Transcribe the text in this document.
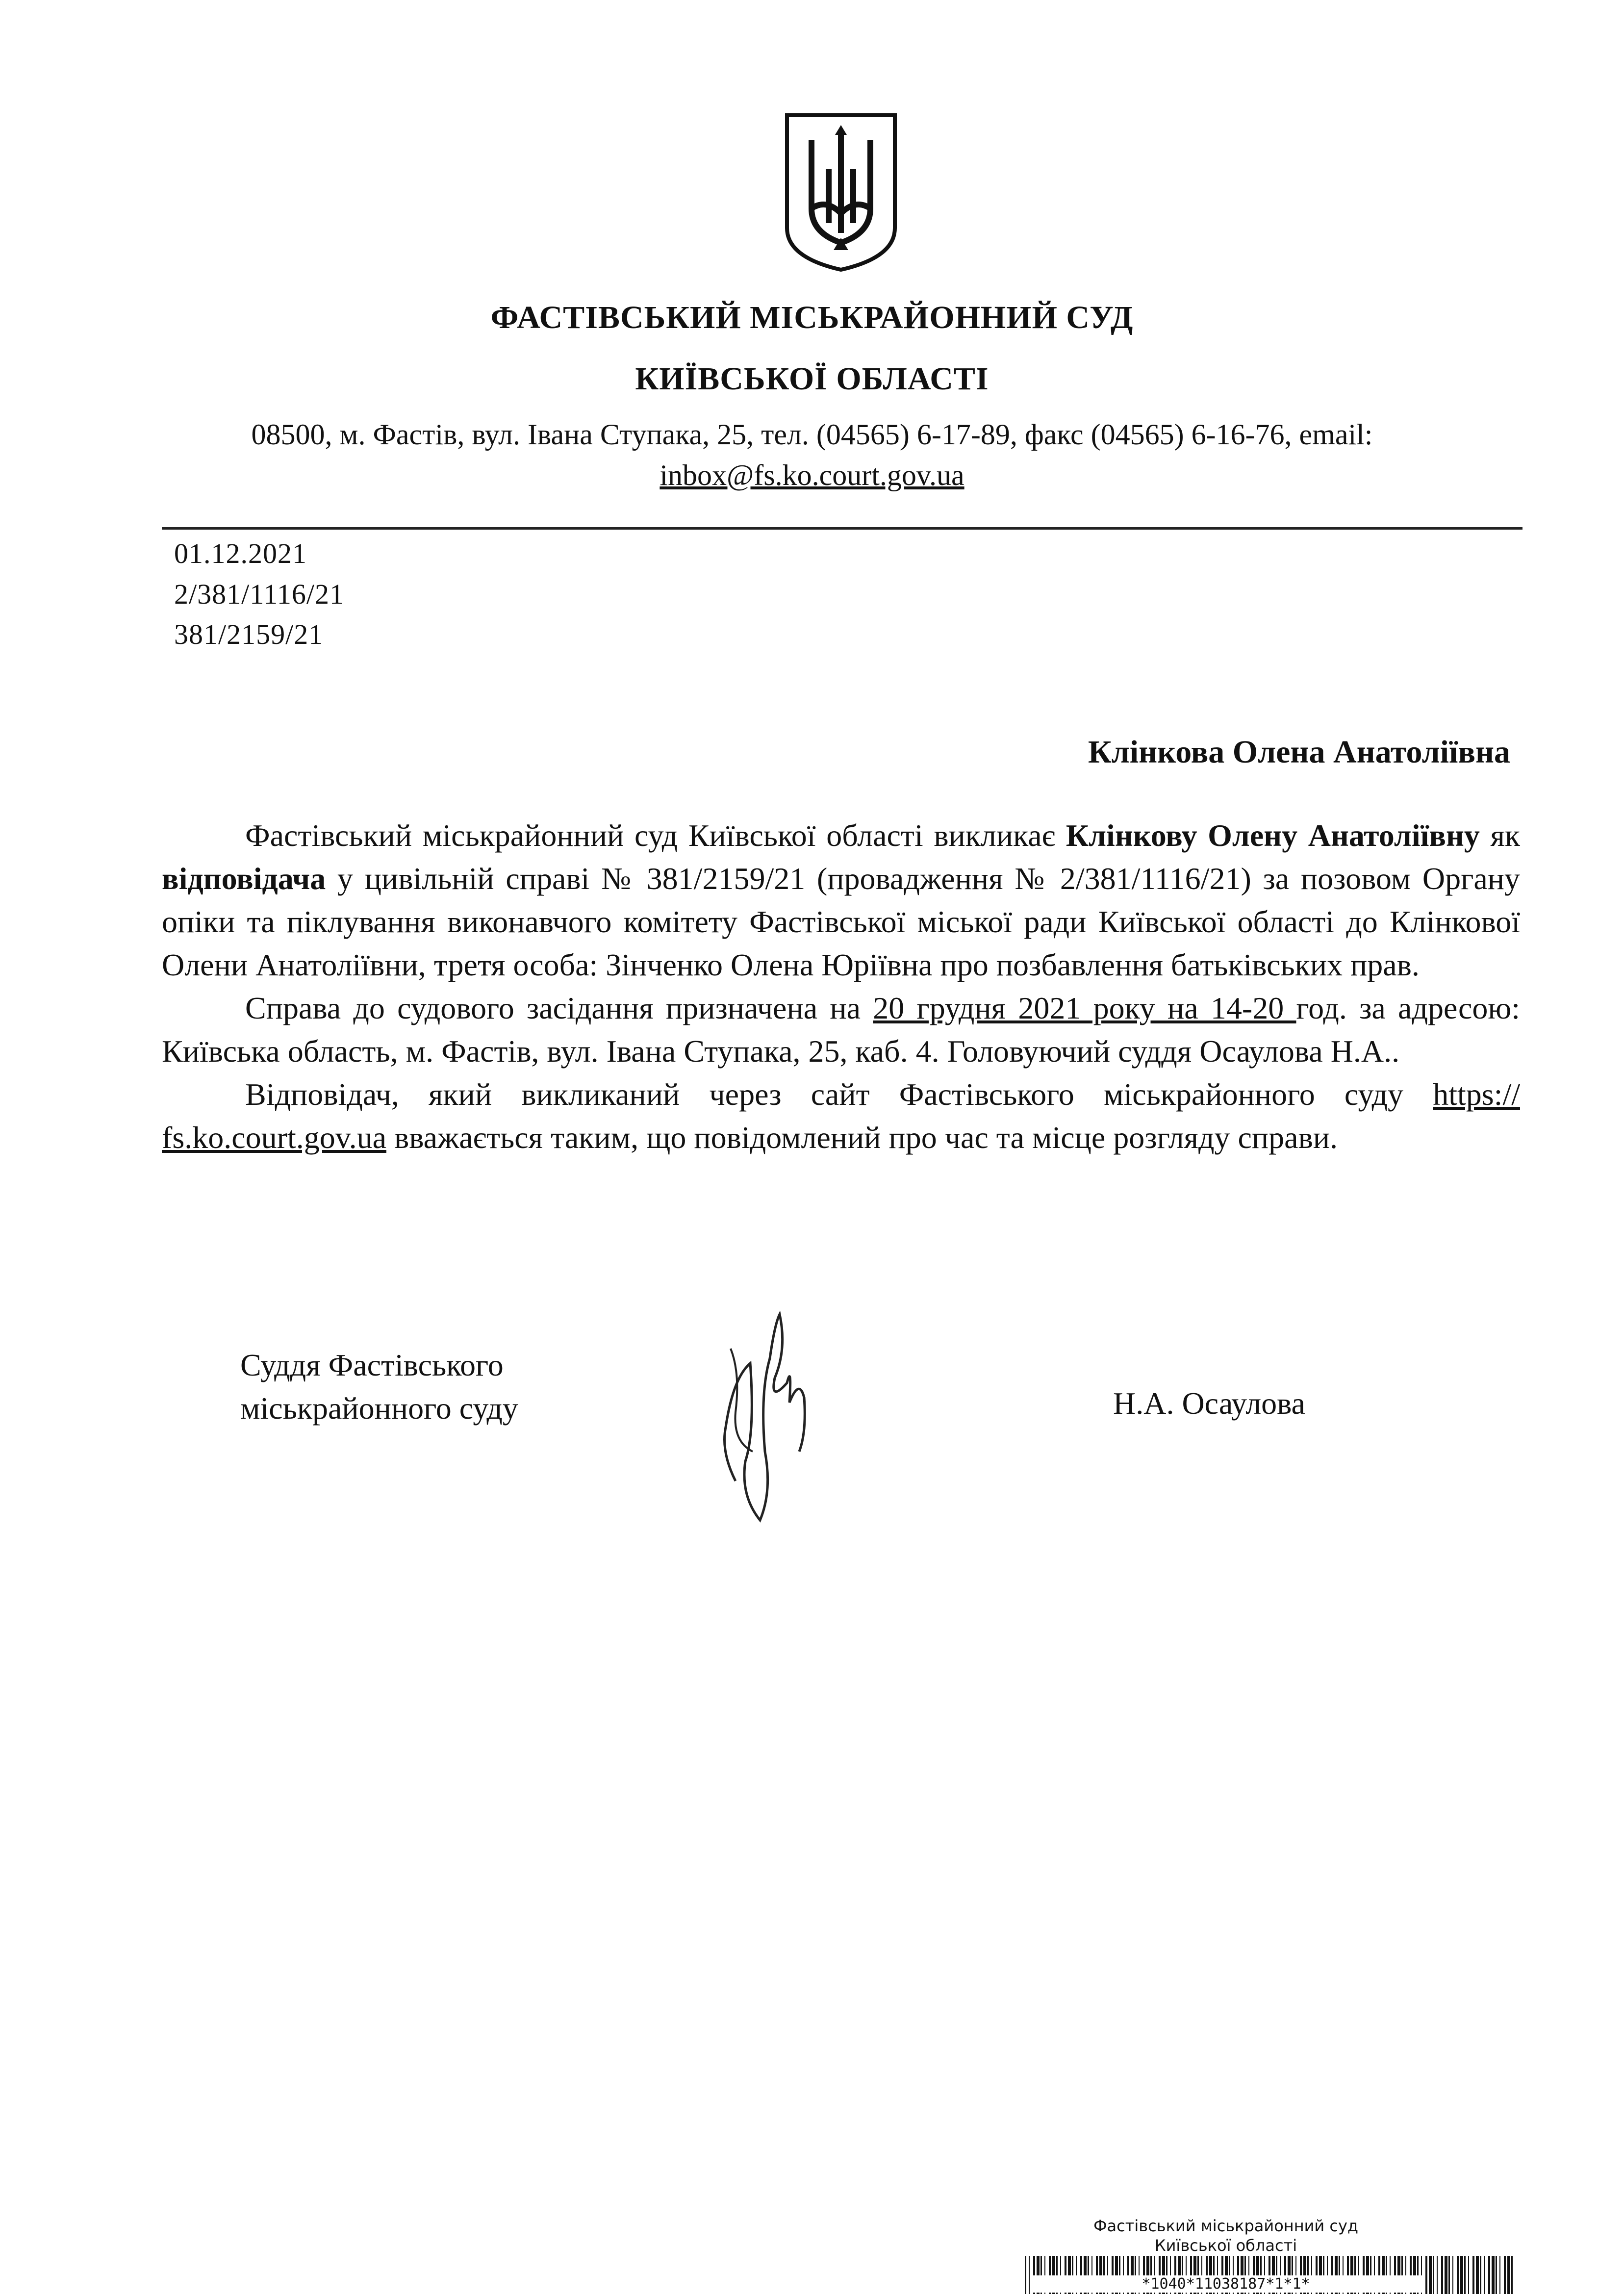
ФАСТІВСЬКИЙ МІСЬКРАЙОННИЙ СУД
КИЇВСЬКОЇ ОБЛАСТІ
08500, м. Фастів, вул. Івана Ступака, 25, тел. (04565) 6-17-89, факс (04565) 6-16-76, email:
inbox@fs.ko.court.gov.ua
01.12.2021
2/381/1116/21
381/2159/21
Клінкова Олена Анатоліївна

Фастівський міськрайонний суд Київської області викликає Клінкову Олену Анатоліївну як відповідача у цивільній справі № 381/2159/21 (провадження № 2/381/1116/21) за позовом Органу опіки та піклування виконавчого комітету Фастівської міської ради Київської області до Клінкової Олени Анатоліївни, третя особа: Зінченко Олена Юріївна про позбавлення батьківських прав.

Справа до судового засідання призначена на 20 грудня 2021 року на 14-20 год. за адресою: Київська область, м. Фастів, вул. Івана Ступака, 25, каб. 4. Головуючий суддя Осаулова Н.А..

Відповідач, який викликаний через сайт Фастівського міськрайонного суду https:// fs.ko.court.gov.ua вважається таким, що повідомлений про час та місце розгляду справи.

Суддя Фастівського
міськрайонного суду	Н.А. Осаулова
Фастівський міськрайонний суд
Київської області
*1040*11038187*1*1*
